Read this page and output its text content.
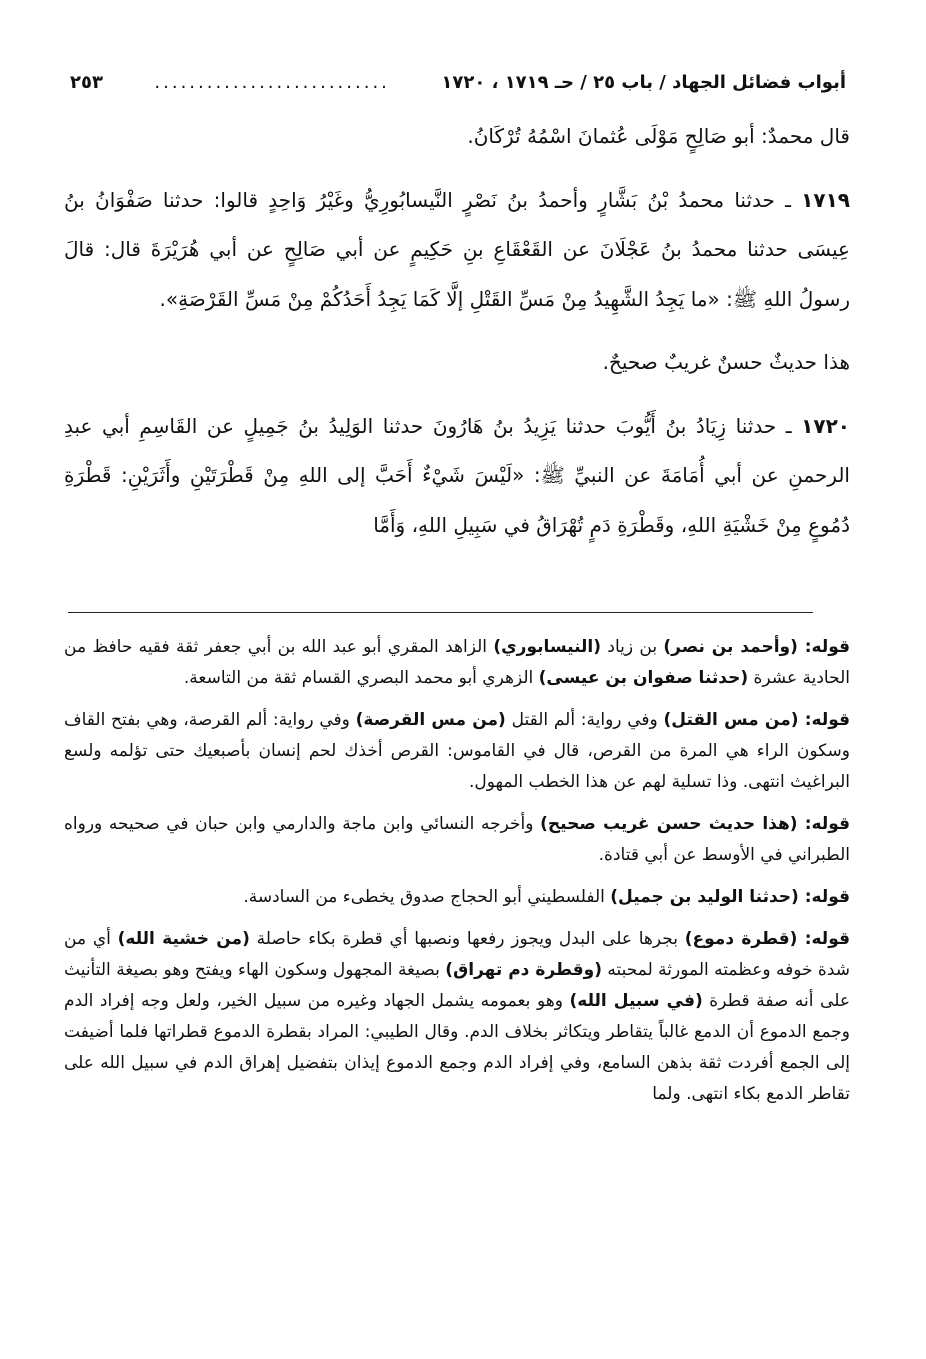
أبواب فضائل الجهاد / باب ٢٥ / حـ ١٧١٩ ، ١٧٢٠
...........................
٢٥٣

قال محمدٌ: أبو صَالِحٍ مَوْلَى عُثمانَ اسْمُهُ تُرْكَانُ.

١٧١٩ ـ حدثنا محمدُ بْنُ بَشَّارٍ وأحمدُ بنُ نَصْرٍ النَّيسابُورِيُّ وغَيْرُ وَاحِدٍ قالوا: حدثنا صَفْوَانُ بنُ عِيسَى حدثنا محمدُ بنُ عَجْلَانَ عن القَعْقَاعِ بنِ حَكِيمٍ عن أبي صَالِحٍ عن أبي هُرَيْرَةَ قال: قالَ رسولُ اللهِ ﷺ: «ما يَجِدُ الشَّهِيدُ مِنْ مَسِّ القَتْلِ إلَّا كَمَا يَجِدُ أَحَدُكُمْ مِنْ مَسِّ القَرْصَةِ».

هذا حديثٌ حسنٌ غريبٌ صحيحٌ.

١٧٢٠ ـ حدثنا زِيَادُ بنُ أَيُّوبَ حدثنا يَزِيدُ بنُ هَارُونَ حدثنا الوَلِيدُ بنُ جَمِيلٍ عن القَاسِمِ أبي عبدِ الرحمنِ عن أبي أُمَامَةَ عن النبيِّ ﷺ: «لَيْسَ شَيْءٌ أَحَبَّ إلى اللهِ مِنْ قَطْرَتَيْنِ وأَثَرَيْنِ: قَطْرَةِ دُمُوعٍ مِنْ خَشْيَةِ اللهِ، وقَطْرَةِ دَمٍ تُهْرَاقُ في سَبِيلِ اللهِ، وَأَمَّا

قوله: (وأحمد بن نصر) بن زياد (النيسابوري) الزاهد المقري أبو عبد الله بن أبي جعفر ثقة فقيه حافظ من الحادية عشرة (حدثنا صفوان بن عيسى) الزهري أبو محمد البصري القسام ثقة من التاسعة.

قوله: (من مس القتل) وفي رواية: ألم القتل (من مس القرصة) وفي رواية: ألم القرصة، وهي بفتح القاف وسكون الراء هي المرة من القرص، قال في القاموس: القرص أخذك لحم إنسان بأصبعيك حتى تؤلمه ولسع البراغيث انتهى. وذا تسلية لهم عن هذا الخطب المهول.

قوله: (هذا حديث حسن غريب صحيح) وأخرجه النسائي وابن ماجة والدارمي وابن حبان في صحيحه ورواه الطبراني في الأوسط عن أبي قتادة.

قوله: (حدثنا الوليد بن جميل) الفلسطيني أبو الحجاج صدوق يخطىء من السادسة.

قوله: (قطرة دموع) بجرها على البدل ويجوز رفعها ونصبها أي قطرة بكاء حاصلة (من خشية الله) أي من شدة خوفه وعظمته المورثة لمحبته (وقطرة دم تهراق) بصيغة المجهول وسكون الهاء ويفتح وهو بصيغة التأنيث على أنه صفة قطرة (في سبيل الله) وهو بعمومه يشمل الجهاد وغيره من سبيل الخير، ولعل وجه إفراد الدم وجمع الدموع أن الدمع غالباً يتقاطر ويتكاثر بخلاف الدم. وقال الطيبي: المراد بقطرة الدموع قطراتها فلما أضيفت إلى الجمع أفردت ثقة بذهن السامع، وفي إفراد الدم وجمع الدموع إيذان بتفضيل إهراق الدم في سبيل الله على تقاطر الدمع بكاء انتهى. ولما
